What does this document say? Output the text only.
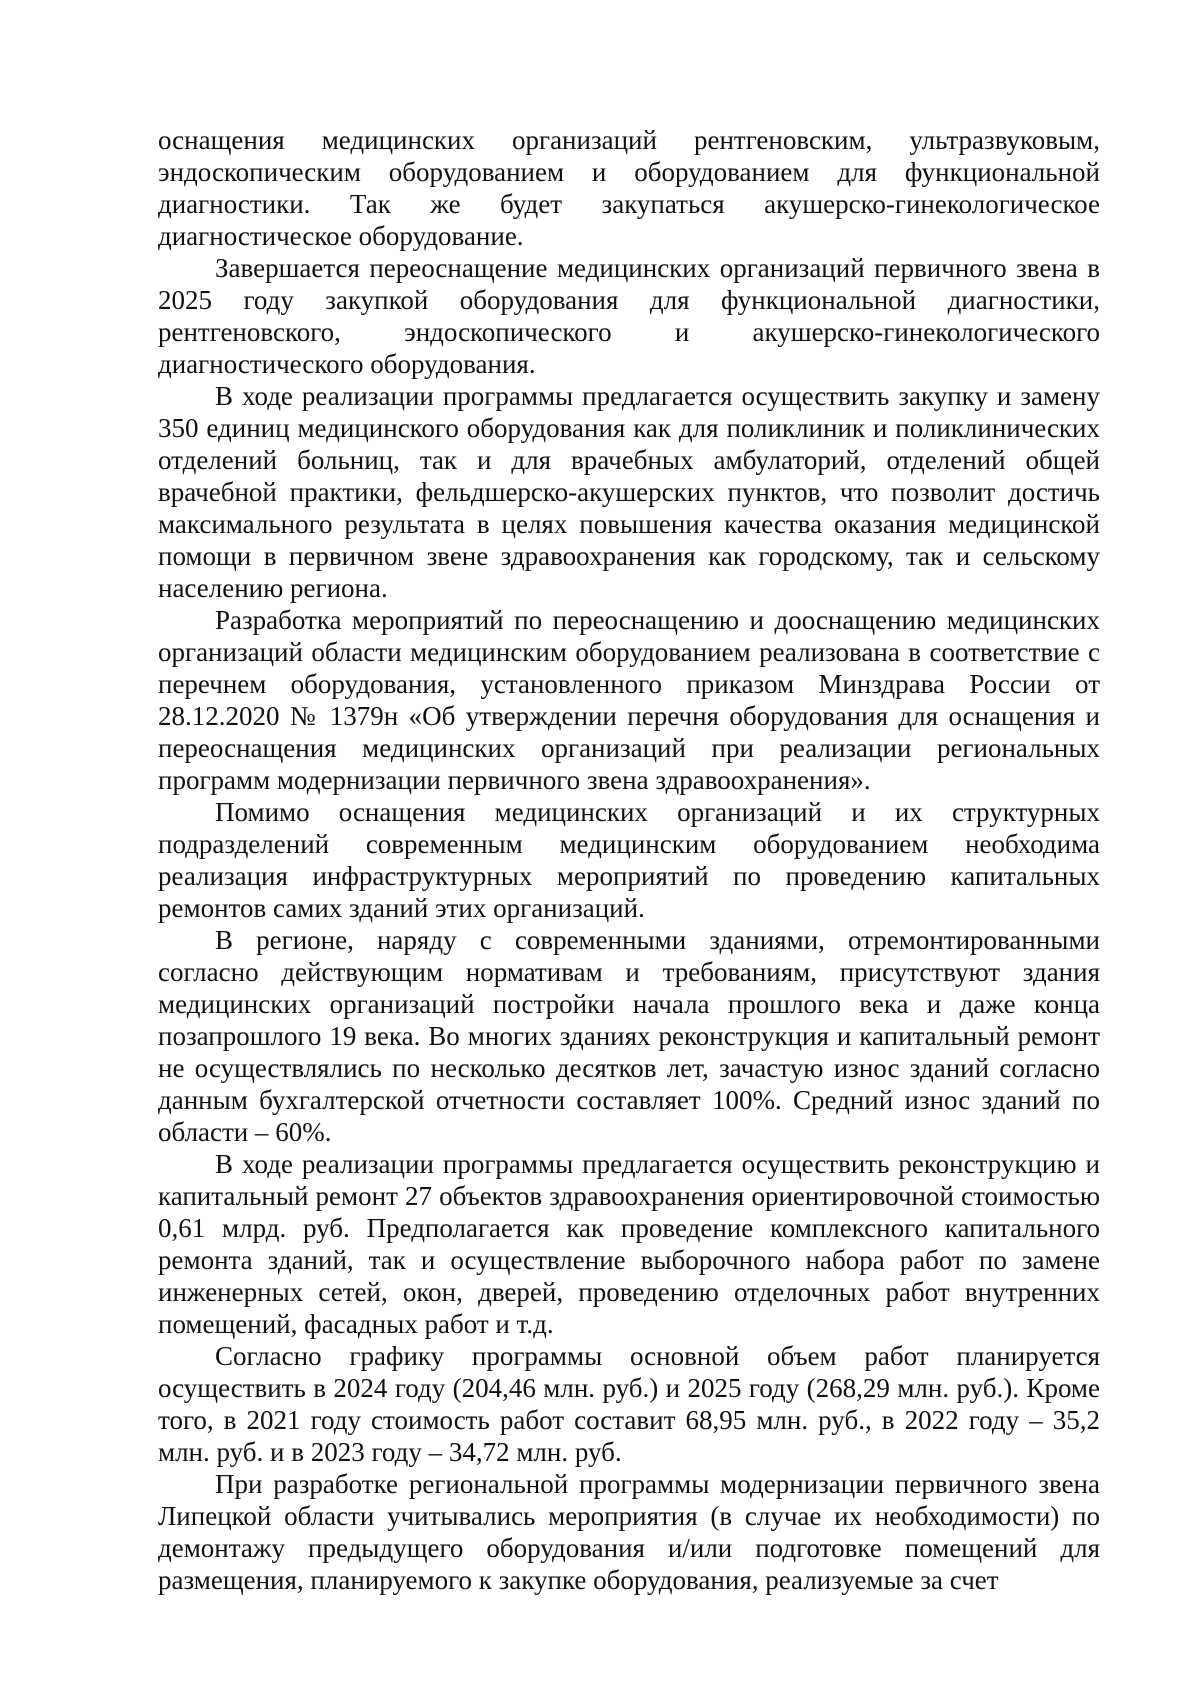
оснащения медицинских организаций рентгеновским, ультразвуковым, эндоскопическим оборудованием и оборудованием для функциональной диагностики. Так же будет закупаться акушерско-гинекологическое диагностическое оборудование.

Завершается переоснащение медицинских организаций первичного звена в 2025 году закупкой оборудования для функциональной диагностики, рентгеновского, эндоскопического и акушерско-гинекологического диагностического оборудования.

В ходе реализации программы предлагается осуществить закупку и замену 350 единиц медицинского оборудования как для поликлиник и поликлинических отделений больниц, так и для врачебных амбулаторий, отделений общей врачебной практики, фельдшерско-акушерских пунктов, что позволит достичь максимального результата в целях повышения качества оказания медицинской помощи в первичном звене здравоохранения как городскому, так и сельскому населению региона.

Разработка мероприятий по переоснащению и дооснащению медицинских организаций области медицинским оборудованием реализована в соответствие с перечнем оборудования, установленного приказом Минздрава России от 28.12.2020 № 1379н «Об утверждении перечня оборудования для оснащения и переоснащения медицинских организаций при реализации региональных программ модернизации первичного звена здравоохранения».

Помимо оснащения медицинских организаций и их структурных подразделений современным медицинским оборудованием необходима реализация инфраструктурных мероприятий по проведению капитальных ремонтов самих зданий этих организаций.

В регионе, наряду с современными зданиями, отремонтированными согласно действующим нормативам и требованиям, присутствуют здания медицинских организаций постройки начала прошлого века и даже конца позапрошлого 19 века. Во многих зданиях реконструкция и капитальный ремонт не осуществлялись по несколько десятков лет, зачастую износ зданий согласно данным бухгалтерской отчетности составляет 100%. Средний износ зданий по области – 60%.

В ходе реализации программы предлагается осуществить реконструкцию и капитальный ремонт 27 объектов здравоохранения ориентировочной стоимостью 0,61 млрд. руб. Предполагается как проведение комплексного капитального ремонта зданий, так и осуществление выборочного набора работ по замене инженерных сетей, окон, дверей, проведению отделочных работ внутренних помещений, фасадных работ и т.д.

Согласно графику программы основной объем работ планируется осуществить в 2024 году (204,46 млн. руб.) и 2025 году (268,29 млн. руб.). Кроме того, в 2021 году стоимость работ составит 68,95 млн. руб., в 2022 году – 35,2 млн. руб. и в 2023 году – 34,72 млн. руб.

При разработке региональной программы модернизации первичного звена Липецкой области учитывались мероприятия (в случае их необходимости) по демонтажу предыдущего оборудования и/или подготовке помещений для размещения, планируемого к закупке оборудования, реализуемые за счет
